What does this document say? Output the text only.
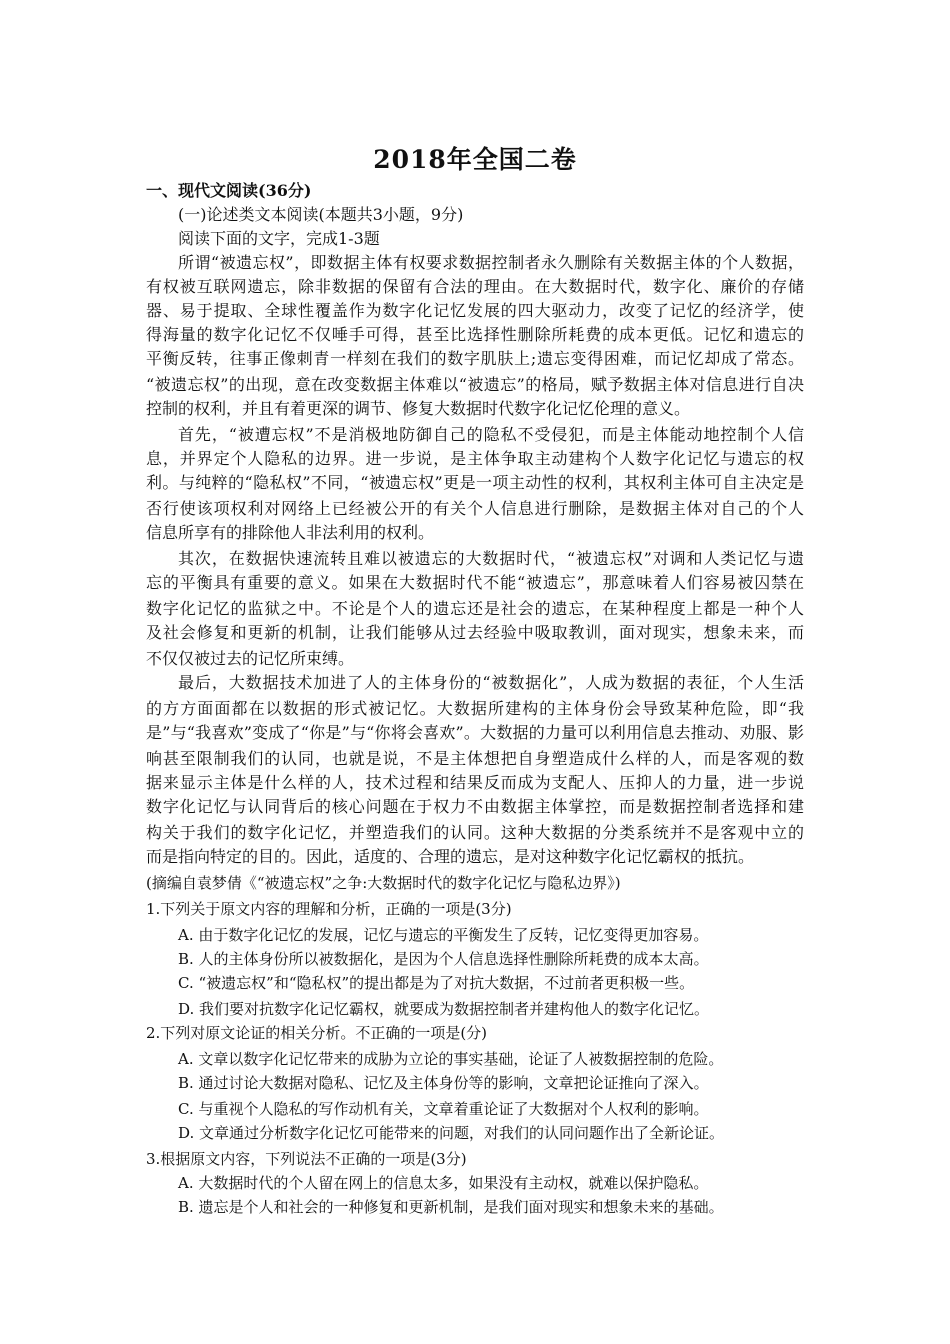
2018年全国二卷
一、现代文阅读(36分)
(一)论述类文本阅读(本题共3小题，9分)
阅读下面的文字，完成1-3题
所谓“被遗忘权”，即数据主体有权要求数据控制者永久删除有关数据主体的个人数据，
有权被互联网遗忘，除非数据的保留有合法的理由。在大数据时代，数字化、廉价的存储
器、易于提取、全球性覆盖作为数字化记忆发展的四大驱动力，改变了记忆的经济学，使
得海量的数字化记忆不仅唾手可得，甚至比选择性删除所耗费的成本更低。记忆和遗忘的
平衡反转，往事正像刺青一样刻在我们的数字肌肤上;遗忘变得困难，而记忆却成了常态。
“被遗忘权”的出现，意在改变数据主体难以“被遗忘”的格局，赋予数据主体对信息进行自决
控制的权利，并且有着更深的调节、修复大数据时代数字化记忆伦理的意义。
首先，“被遭忘权”不是消极地防御自己的隐私不受侵犯，而是主体能动地控制个人信
息，并界定个人隐私的边界。进一步说，是主体争取主动建构个人数字化记忆与遗忘的权
利。与纯粹的“隐私权”不同，“被遗忘权”更是一项主动性的权利，其权利主体可自主决定是
否行使该项权利对网络上已经被公开的有关个人信息进行删除，是数据主体对自己的个人
信息所享有的排除他人非法利用的权利。
其次，在数据快速流转且难以被遗忘的大数据时代，“被遗忘权”对调和人类记忆与遗
忘的平衡具有重要的意义。如果在大数据时代不能“被遗忘”，那意味着人们容易被囚禁在
数字化记忆的监狱之中。不论是个人的遗忘还是社会的遗忘，在某种程度上都是一种个人
及社会修复和更新的机制，让我们能够从过去经验中吸取教训，面对现实，想象未来，而
不仅仅被过去的记忆所束缚。
最后，大数据技术加进了人的主体身份的“被数据化”，人成为数据的表征，个人生活
的方方面面都在以数据的形式被记忆。大数据所建构的主体身份会导致某种危险，即“我
是”与“我喜欢”变成了“你是”与“你将会喜欢”。大数据的力量可以利用信息去推动、劝服、影
响甚至限制我们的认同，也就是说，不是主体想把自身塑造成什么样的人，而是客观的数
据来显示主体是什么样的人，技术过程和结果反而成为支配人、压抑人的力量，进一步说
数字化记忆与认同背后的核心问题在于权力不由数据主体掌控，而是数据控制者选择和建
构关于我们的数字化记忆，并塑造我们的认同。这种大数据的分类系统并不是客观中立的
而是指向特定的目的。因此，适度的、合理的遗忘，是对这种数字化记忆霸权的抵抗。
(摘编自袁梦倩《“被遗忘权”之争:大数据时代的数字化记忆与隐私边界》)
1.下列关于原文内容的理解和分析，正确的一项是(3分)
A. 由于数字化记忆的发展，记忆与遗忘的平衡发生了反转，记忆变得更加容易。
B. 人的主体身份所以被数据化，是因为个人信息选择性删除所耗费的成本太高。
C. “被遗忘权”和“隐私权”的提出都是为了对抗大数据，不过前者更积极一些。
D. 我们要对抗数字化记忆霸权，就要成为数据控制者并建构他人的数字化记忆。
2.下列对原文论证的相关分析。不正确的一项是(分)
A. 文章以数字化记忆带来的成胁为立论的事实基础，论证了人被数据控制的危险。
B. 通过讨论大数据对隐私、记忆及主体身份等的影响，文章把论证推向了深入。
C. 与重视个人隐私的写作动机有关，文章着重论证了大数据对个人权利的影响。
D. 文章通过分析数字化记忆可能带来的问题，对我们的认同问题作出了全新论证。
3.根据原文内容，下列说法不正确的一项是(3分)
A. 大数据时代的个人留在网上的信息太多，如果没有主动权，就难以保护隐私。
B. 遗忘是个人和社会的一种修复和更新机制，是我们面对现实和想象未来的基础。
